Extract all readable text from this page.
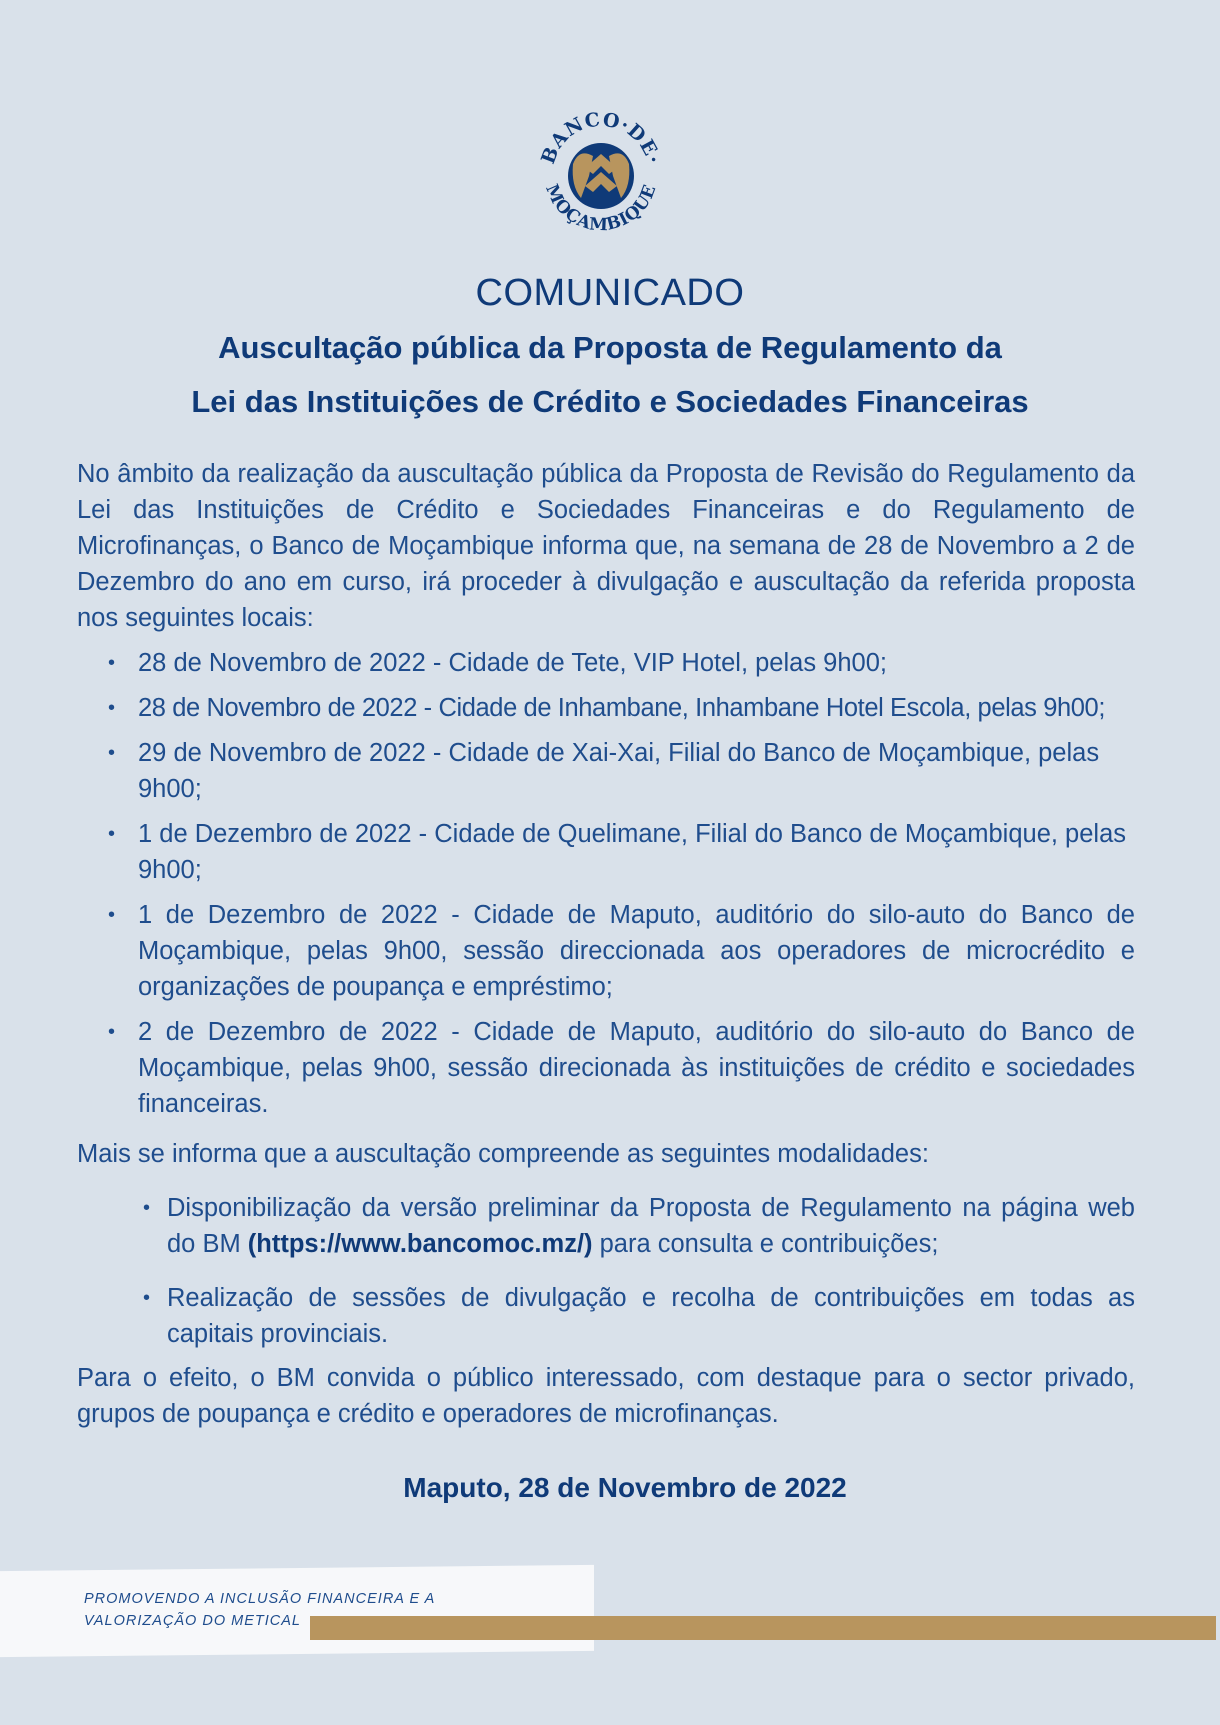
BANCO·DE·
MOÇAMBIQUE
COMUNICADO
Auscultação pública da Proposta de Regulamento da
Lei das Instituições de Crédito e Sociedades Financeiras

No âmbito da realização da auscultação pública da Proposta de Revisão do Regulamento da Lei das Instituições de Crédito e Sociedades Financeiras e do Regulamento de Microfinanças, o Banco de Moçambique informa que, na semana de 28 de Novembro a 2 de Dezembro do ano em curso, irá proceder à divulgação e auscultação da referida proposta nos seguintes locais:

• 28 de Novembro de 2022 - Cidade de Tete, VIP Hotel, pelas 9h00;
• 28 de Novembro de 2022 - Cidade de Inhambane, Inhambane Hotel Escola, pelas 9h00;
• 29 de Novembro de 2022 - Cidade de Xai-Xai, Filial do Banco de Moçambique, pelas 9h00;
• 1 de Dezembro de 2022 - Cidade de Quelimane, Filial do Banco de Moçambique, pelas 9h00;
• 1 de Dezembro de 2022 - Cidade de Maputo, auditório do silo-auto do Banco de Moçambique, pelas 9h00, sessão direccionada aos operadores de microcrédito e organizações de poupança e empréstimo;
• 2 de Dezembro de 2022 - Cidade de Maputo, auditório do silo-auto do Banco de Moçambique, pelas 9h00, sessão direcionada às instituições de crédito e sociedades financeiras.

Mais se informa que a auscultação compreende as seguintes modalidades:

• Disponibilização da versão preliminar da Proposta de Regulamento na página web do BM (https://www.bancomoc.mz/) para consulta e contribuições;
• Realização de sessões de divulgação e recolha de contribuições em todas as capitais provinciais.

Para o efeito, o BM convida o público interessado, com destaque para o sector privado, grupos de poupança e crédito e operadores de microfinanças.

Maputo, 28 de Novembro de 2022

PROMOVENDO A INCLUSÃO FINANCEIRA E A
VALORIZAÇÃO DO METICAL
